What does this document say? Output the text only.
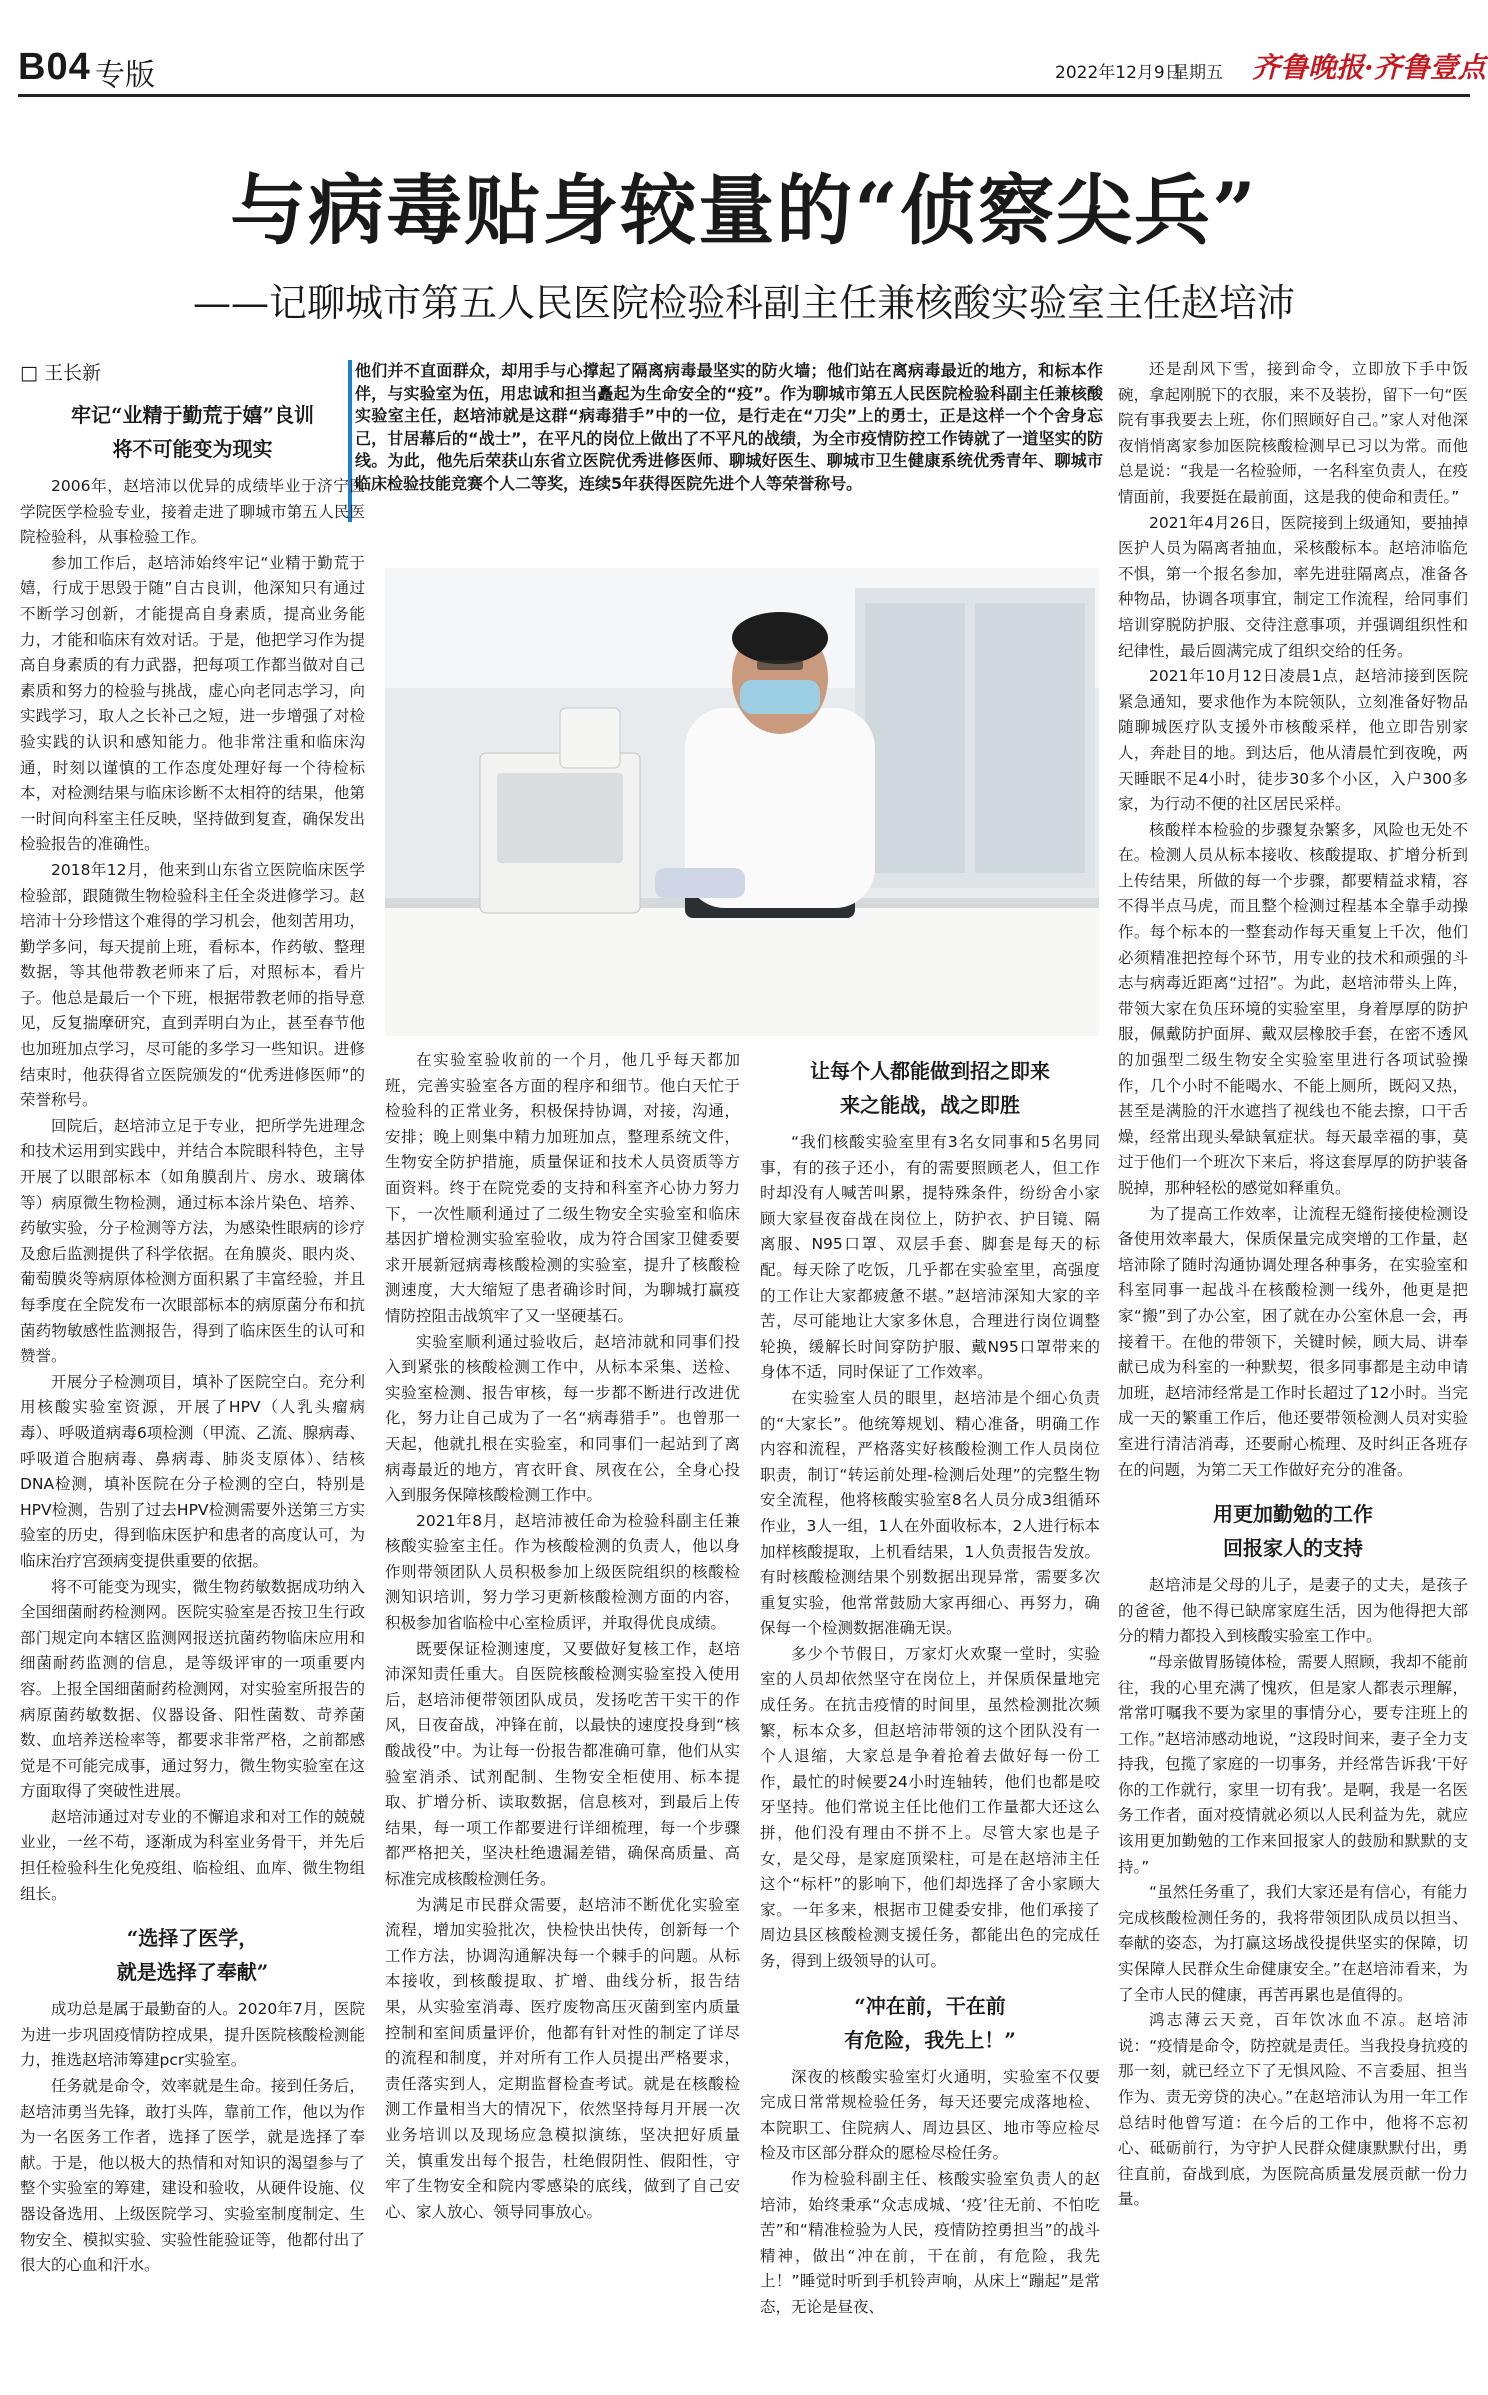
B04 专版	2022年12月9日
星期五 齐鲁晚报·齐鲁壹点
与病毒贴身较量的“侦察尖兵”
——记聊城市第五人民医院检验科副主任兼核酸实验室主任赵培沛
□ 王长新	他们并不直面群众，却用手与心撑起了隔离病毒最坚实的防火墙；他们站在离病毒最近的地方，和标本作伴，与实验室为伍，用忠诚和担当矗起为生命安全的“疫”。作为聊城市第五人民医院检验科副主任兼核酸实验室主任，赵培沛就是这群“病毒猎手”中的一位，是行走在“刀尖”上的勇士，正是这样一个个舍身忘己，甘居幕后的“战士”，在平凡的岗位上做出了不平凡的战绩，为全市疫情防控工作铸就了一道坚实的防线。为此，他先后荣获山东省立医院优秀进修医师、聊城好医生、聊城市卫生健康系统优秀青年、聊城市临床检验技能竞赛个人二等奖，连续5年获得医院先进个人等荣誉称号。
牢记“业精于勤荒于嬉”良训
将不可能变为现实

2006年，赵培沛以优异的成绩毕业于济宁医学院医学检验专业，接着走进了聊城市第五人民医院检验科，从事检验工作。

参加工作后，赵培沛始终牢记“业精于勤荒于嬉，行成于思毁于随”自古良训，他深知只有通过不断学习创新，才能提高自身素质，提高业务能力，才能和临床有效对话。于是，他把学习作为提高自身素质的有力武器，把每项工作都当做对自己素质和努力的检验与挑战，虚心向老同志学习，向实践学习，取人之长补己之短，进一步增强了对检验实践的认识和感知能力。他非常注重和临床沟通，时刻以谨慎的工作态度处理好每一个待检标本，对检测结果与临床诊断不太相符的结果，他第一时间向科室主任反映，坚持做到复查，确保发出检验报告的准确性。

2018年12月，他来到山东省立医院临床医学检验部，跟随微生物检验科主任全炎进修学习。赵培沛十分珍惜这个难得的学习机会，他刻苦用功，勤学多问，每天提前上班，看标本，作药敏、整理数据，等其他带教老师来了后，对照标本，看片子。他总是最后一个下班，根据带教老师的指导意见，反复揣摩研究，直到弄明白为止，甚至春节他也加班加点学习，尽可能的多学习一些知识。进修结束时，他获得省立医院颁发的“优秀进修医师”的荣誉称号。

回院后，赵培沛立足于专业，把所学先进理念和技术运用到实践中，并结合本院眼科特色，主导开展了以眼部标本（如角膜刮片、房水、玻璃体等）病原微生物检测，通过标本涂片染色、培养、药敏实验，分子检测等方法，为感染性眼病的诊疗及愈后监测提供了科学依据。在角膜炎、眼内炎、葡萄膜炎等病原体检测方面积累了丰富经验，并且每季度在全院发布一次眼部标本的病原菌分布和抗菌药物敏感性监测报告，得到了临床医生的认可和赞誉。

开展分子检测项目，填补了医院空白。充分利用核酸实验室资源，开展了HPV（人乳头瘤病毒）、呼吸道病毒6项检测（甲流、乙流、腺病毒、呼吸道合胞病毒、鼻病毒、肺炎支原体）、结核DNA检测，填补医院在分子检测的空白，特别是HPV检测，告别了过去HPV检测需要外送第三方实验室的历史，得到临床医护和患者的高度认可，为临床治疗宫颈病变提供重要的依据。

将不可能变为现实，微生物药敏数据成功纳入全国细菌耐药检测网。医院实验室是否按卫生行政部门规定向本辖区监测网报送抗菌药物临床应用和细菌耐药监测的信息，是等级评审的一项重要内容。上报全国细菌耐药检测网，对实验室所报告的病原菌药敏数据、仪器设备、阳性菌数、苛养菌数、血培养送检率等，都要求非常严格，之前都感觉是不可能完成事，通过努力，微生物实验室在这方面取得了突破性进展。

赵培沛通过对专业的不懈追求和对工作的兢兢业业，一丝不苟，逐渐成为科室业务骨干，并先后担任检验科生化免疫组、临检组、血库、微生物组组长。

“选择了医学，
就是选择了奉献”

成功总是属于最勤奋的人。2020年7月，医院为进一步巩固疫情防控成果，提升医院核酸检测能力，推选赵培沛筹建pcr实验室。

任务就是命令，效率就是生命。接到任务后，赵培沛勇当先锋，敢打头阵，靠前工作，他以为作为一名医务工作者，选择了医学，就是选择了奉献。于是，他以极大的热情和对知识的渴望参与了整个实验室的筹建，建设和验收，从硬件设施、仪器设备选用、上级医院学习、实验室制度制定、生物安全、模拟实验、实验性能验证等，他都付出了很大的心血和汗水。

在实验室验收前的一个月，他几乎每天都加班，完善实验室各方面的程序和细节。他白天忙于检验科的正常业务，积极保持协调，对接，沟通，安排；晚上则集中精力加班加点，整理系统文件，生物安全防护措施，质量保证和技术人员资质等方面资料。终于在院党委的支持和科室齐心协力努力下，一次性顺利通过了二级生物安全实验室和临床基因扩增检测实验室验收，成为符合国家卫健委要求开展新冠病毒核酸检测的实验室，提升了核酸检测速度，大大缩短了患者确诊时间，为聊城打赢疫情防控阻击战筑牢了又一坚硬基石。

实验室顺利通过验收后，赵培沛就和同事们投入到紧张的核酸检测工作中，从标本采集、送检、实验室检测、报告审核，每一步都不断进行改进优化，努力让自己成为了一名“病毒猎手”。也曾那一天起，他就扎根在实验室，和同事们一起站到了离病毒最近的地方，宵衣旰食、夙夜在公，全身心投入到服务保障核酸检测工作中。

2021年8月，赵培沛被任命为检验科副主任兼核酸实验室主任。作为核酸检测的负责人，他以身作则带领团队人员积极参加上级医院组织的核酸检测知识培训，努力学习更新核酸检测方面的内容，积极参加省临检中心室检质评，并取得优良成绩。

既要保证检测速度，又要做好复核工作，赵培沛深知责任重大。自医院核酸检测实验室投入使用后，赵培沛便带领团队成员，发扬吃苦干实干的作风，日夜奋战，冲锋在前，以最快的速度投身到“核酸战役”中。为让每一份报告都准确可靠，他们从实验室消杀、试剂配制、生物安全柜使用、标本提取、扩增分析、读取数据，信息核对，到最后上传结果，每一项工作都要进行详细梳理，每一个步骤都严格把关，坚决杜绝遗漏差错，确保高质量、高标准完成核酸检测任务。

为满足市民群众需要，赵培沛不断优化实验室流程，增加实验批次，快检快出快传，创新每一个工作方法，协调沟通解决每一个棘手的问题。从标本接收，到核酸提取、扩增、曲线分析，报告结果，从实验室消毒、医疗废物高压灭菌到室内质量控制和室间质量评价，他都有针对性的制定了详尽的流程和制度，并对所有工作人员提出严格要求，责任落实到人，定期监督检查考试。就是在核酸检测工作量相当大的情况下，依然坚持每月开展一次业务培训以及现场应急模拟演练，坚决把好质量关，慎重发出每个报告，杜绝假阴性、假阳性，守牢了生物安全和院内零感染的底线，做到了自己安心、家人放心、领导同事放心。

让每个人都能做到招之即来
来之能战，战之即胜

“我们核酸实验室里有3名女同事和5名男同事，有的孩子还小，有的需要照顾老人，但工作时却没有人喊苦叫累，提特殊条件，纷纷舍小家顾大家昼夜奋战在岗位上，防护衣、护目镜、隔离服、N95口罩、双层手套、脚套是每天的标配。每天除了吃饭，几乎都在实验室里，高强度的工作让大家都疲惫不堪。”赵培沛深知大家的辛苦，尽可能地让大家多休息，合理进行岗位调整轮换，缓解长时间穿防护服、戴N95口罩带来的身体不适，同时保证了工作效率。

在实验室人员的眼里，赵培沛是个细心负责的“大家长”。他统筹规划、精心准备，明确工作内容和流程，严格落实好核酸检测工作人员岗位职责，制订“转运前处理-检测后处理”的完整生物安全流程，他将核酸实验室8名人员分成3组循环作业，3人一组，1人在外面收标本，2人进行标本加样核酸提取，上机看结果，1人负责报告发放。有时核酸检测结果个别数据出现异常，需要多次重复实验，他常常鼓励大家再细心、再努力，确保每一个检测数据准确无误。

多少个节假日，万家灯火欢聚一堂时，实验室的人员却依然坚守在岗位上，并保质保量地完成任务。在抗击疫情的时间里，虽然检测批次频繁，标本众多，但赵培沛带领的这个团队没有一个人退缩，大家总是争着抢着去做好每一份工作，最忙的时候要24小时连轴转，他们也都是咬牙坚持。他们常说主任比他们工作量都大还这么拼，他们没有理由不拼不上。尽管大家也是子女，是父母，是家庭顶梁柱，可是在赵培沛主任这个“标杆”的影响下，他们却选择了舍小家顾大家。一年多来，根据市卫健委安排，他们承接了周边县区核酸检测支援任务，都能出色的完成任务，得到上级领导的认可。

“冲在前，干在前
有危险，我先上！”

深夜的核酸实验室灯火通明，实验室不仅要完成日常常规检验任务，每天还要完成落地检、本院职工、住院病人、周边县区、地市等应检尽检及市区部分群众的愿检尽检任务。

作为检验科副主任、核酸实验室负责人的赵培沛，始终秉承“众志成城、‘疫’往无前、不怕吃苦”和“精准检验为人民，疫情防控勇担当”的战斗精神，做出“冲在前，干在前，有危险，我先上！”睡觉时听到手机铃声响，从床上“蹦起”是常态，无论是昼夜、

还是刮风下雪，接到命令，立即放下手中饭碗，拿起刚脱下的衣服，来不及装扮，留下一句“医院有事我要去上班，你们照顾好自己。”家人对他深夜悄悄离家参加医院核酸检测早已习以为常。而他总是说：“我是一名检验师，一名科室负责人，在疫情面前，我要挺在最前面，这是我的使命和责任。”

2021年4月26日，医院接到上级通知，要抽掉医护人员为隔离者抽血，采核酸标本。赵培沛临危不惧，第一个报名参加，率先进驻隔离点，准备各种物品，协调各项事宜，制定工作流程，给同事们培训穿脱防护服、交待注意事项，并强调组织性和纪律性，最后圆满完成了组织交给的任务。

2021年10月12日凌晨1点，赵培沛接到医院紧急通知，要求他作为本院领队，立刻准备好物品随聊城医疗队支援外市核酸采样，他立即告别家人，奔赴目的地。到达后，他从清晨忙到夜晚，两天睡眠不足4小时，徒步30多个小区，入户300多家，为行动不便的社区居民采样。

核酸样本检验的步骤复杂繁多，风险也无处不在。检测人员从标本接收、核酸提取、扩增分析到上传结果，所做的每一个步骤，都要精益求精，容不得半点马虎，而且整个检测过程基本全靠手动操作。每个标本的一整套动作每天重复上千次，他们必须精准把控每个环节，用专业的技术和顽强的斗志与病毒近距离“过招”。为此，赵培沛带头上阵，带领大家在负压环境的实验室里，身着厚厚的防护服，佩戴防护面屏、戴双层橡胶手套，在密不透风的加强型二级生物安全实验室里进行各项试验操作，几个小时不能喝水、不能上厕所，既闷又热，甚至是满脸的汗水遮挡了视线也不能去擦，口干舌燥，经常出现头晕缺氧症状。每天最幸福的事，莫过于他们一个班次下来后，将这套厚厚的防护装备脱掉，那种轻松的感觉如释重负。

为了提高工作效率，让流程无缝衔接使检测设备使用效率最大，保质保量完成突增的工作量，赵培沛除了随时沟通协调处理各种事务，在实验室和科室同事一起战斗在核酸检测一线外，他更是把家“搬”到了办公室，困了就在办公室休息一会，再接着干。在他的带领下，关键时候，顾大局、讲奉献已成为科室的一种默契，很多同事都是主动申请加班，赵培沛经常是工作时长超过了12小时。当完成一天的繁重工作后，他还要带领检测人员对实验室进行清洁消毒，还要耐心梳理、及时纠正各班存在的问题，为第二天工作做好充分的准备。

用更加勤勉的工作
回报家人的支持

赵培沛是父母的儿子，是妻子的丈夫，是孩子的爸爸，他不得已缺席家庭生活，因为他得把大部分的精力都投入到核酸实验室工作中。

“母亲做胃肠镜体检，需要人照顾，我却不能前往，我的心里充满了愧疚，但是家人都表示理解，常常叮嘱我不要为家里的事情分心，要专注班上的工作。”赵培沛感动地说，“这段时间来，妻子全力支持我，包揽了家庭的一切事务，并经常告诉我‘干好你的工作就行，家里一切有我’。是啊，我是一名医务工作者，面对疫情就必须以人民利益为先，就应该用更加勤勉的工作来回报家人的鼓励和默默的支持。”

“虽然任务重了，我们大家还是有信心，有能力完成核酸检测任务的，我将带领团队成员以担当、奉献的姿态，为打赢这场战役提供坚实的保障，切实保障人民群众生命健康安全。”在赵培沛看来，为了全市人民的健康，再苦再累也是值得的。

鸿志薄云天竞，百年饮冰血不凉。赵培沛说：“疫情是命令，防控就是责任。当我投身抗疫的那一刻，就已经立下了无惧风险、不言委屈、担当作为、责无旁贷的决心。”在赵培沛认为用一年工作总结时他曾写道：在今后的工作中，他将不忘初心、砥砺前行，为守护人民群众健康默默付出，勇往直前，奋战到底，为医院高质量发展贡献一份力量。
